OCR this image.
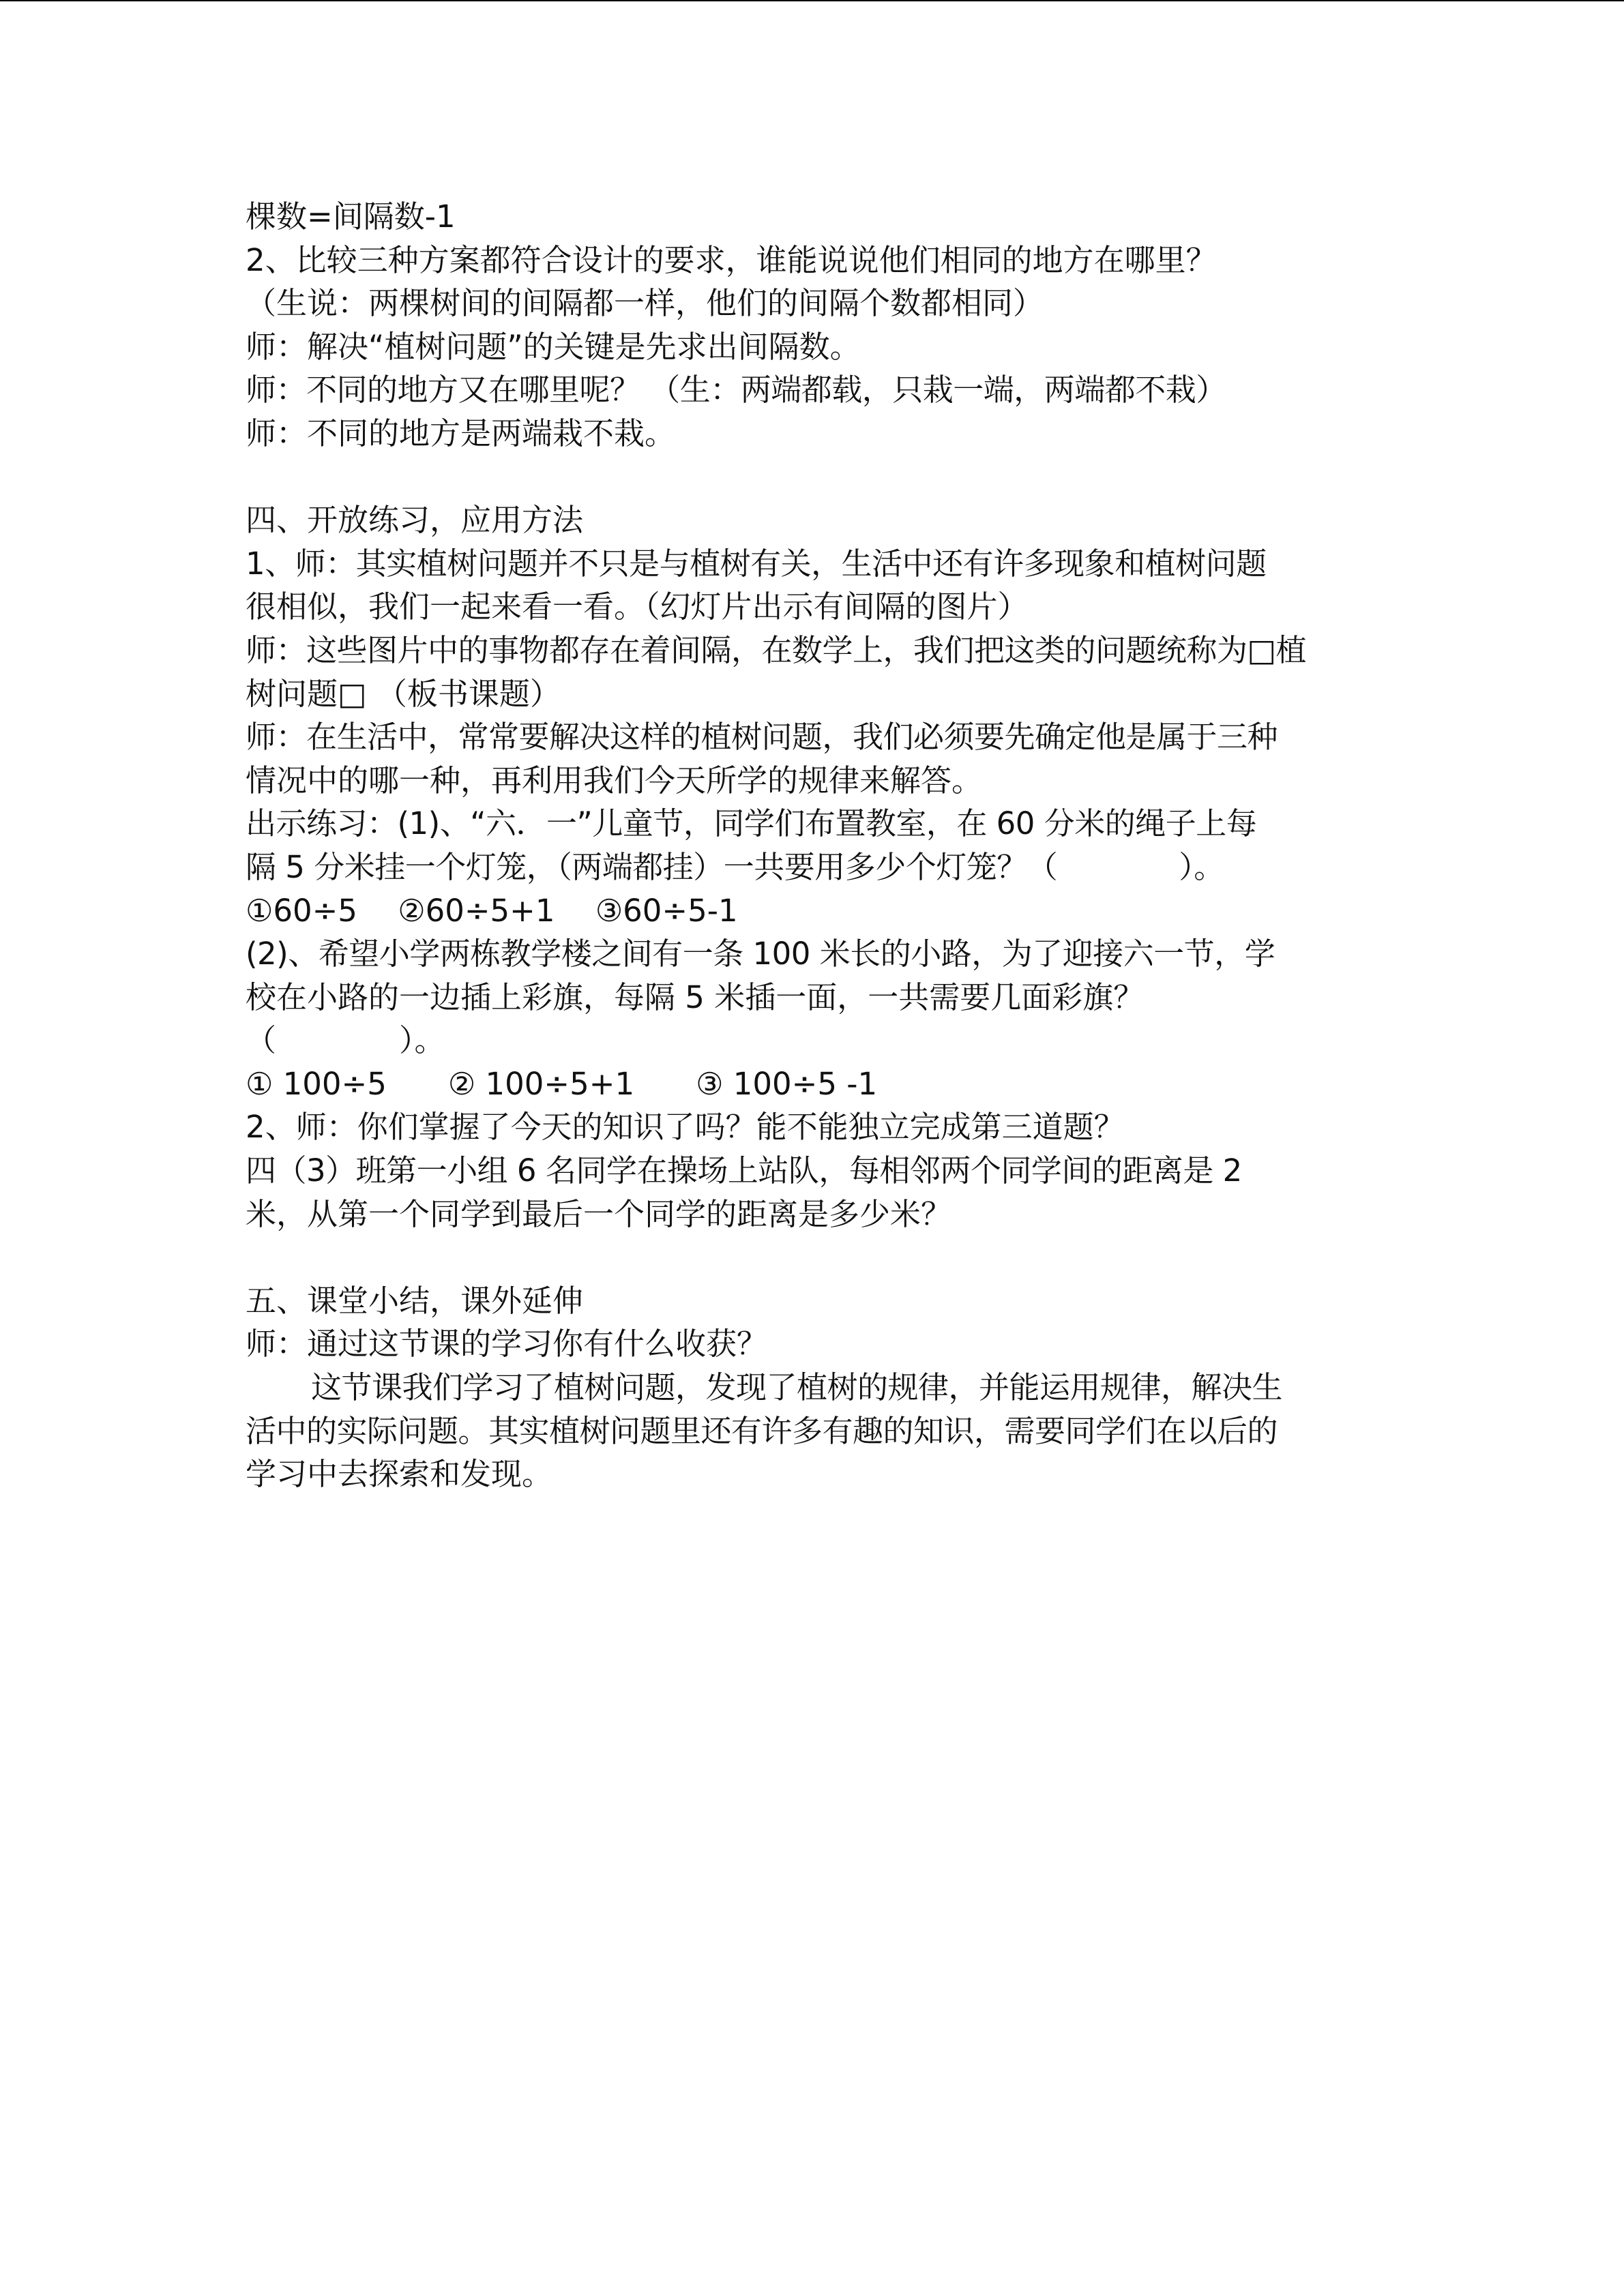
棵数=间隔数-1
2、比较三种方案都符合设计的要求，谁能说说他们相同的地方在哪里？
（生说：两棵树间的间隔都一样，他们的间隔个数都相同）
师：解决“植树问题”的关键是先求出间隔数。
师：不同的地方又在哪里呢？ （生：两端都载，只栽一端，两端都不栽）
师：不同的地方是两端栽不栽。
四、开放练习，应用方法
1、师：其实植树问题并不只是与植树有关，生活中还有许多现象和植树问题
很相似，我们一起来看一看。（幻灯片出示有间隔的图片）
师：这些图片中的事物都存在着间隔，在数学上，我们把这类的问题统称为□植
树问题□ （板书课题）
师：在生活中，常常要解决这样的植树问题，我们必须要先确定他是属于三种
情况中的哪一种，再利用我们今天所学的规律来解答。
出示练习：(1)、“六．一”儿童节，同学们布置教室，在 60 分米的绳子上每
隔 5 分米挂一个灯笼，（两端都挂）一共要用多少个灯笼？（　　　　）。
①60÷5　 ②60÷5+1　 ③60÷5-1
(2)、希望小学两栋教学楼之间有一条 100 米长的小路，为了迎接六一节，学
校在小路的一边插上彩旗，每隔 5 米插一面，一共需要几面彩旗？
（　　　　）。
① 100÷5　　② 100÷5+1　　③ 100÷5 -1
2、师：你们掌握了今天的知识了吗？能不能独立完成第三道题？
四（3）班第一小组 6 名同学在操场上站队，每相邻两个同学间的距离是 2
米，从第一个同学到最后一个同学的距离是多少米？
五、课堂小结，课外延伸
师：通过这节课的学习你有什么收获？
这节课我们学习了植树问题，发现了植树的规律，并能运用规律，解决生
活中的实际问题。其实植树问题里还有许多有趣的知识，需要同学们在以后的
学习中去探索和发现。
